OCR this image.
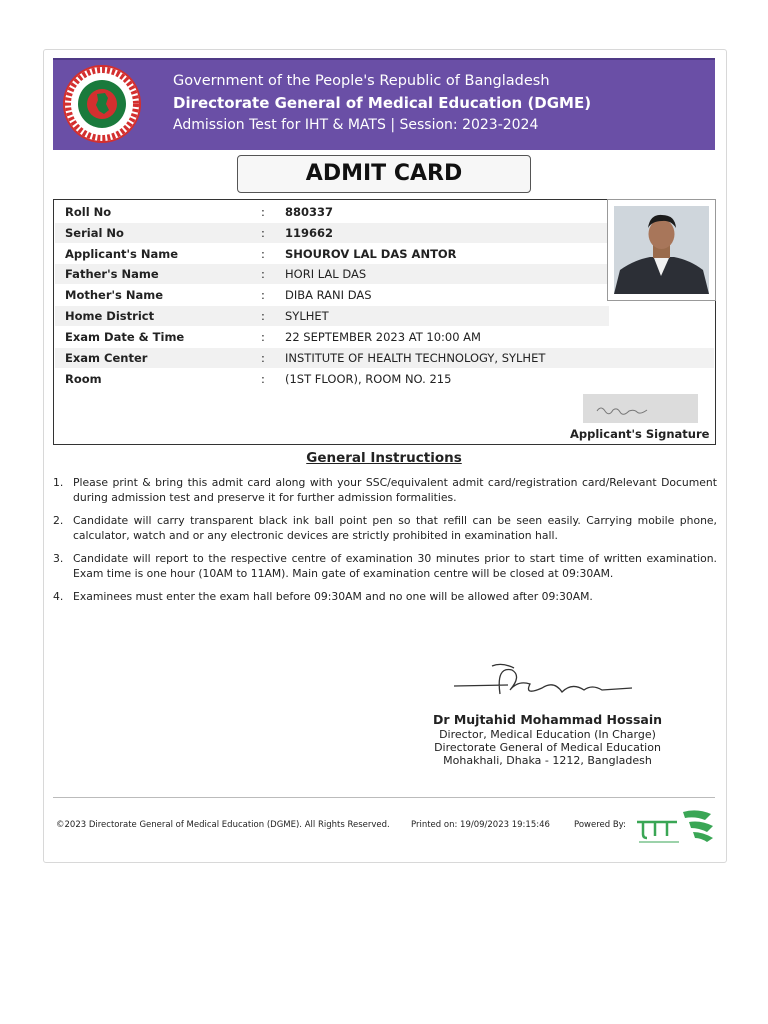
Government of the People's Republic of Bangladesh
Directorate General of Medical Education (DGME)
Admission Test for IHT & MATS | Session: 2023-2024
ADMIT CARD
Roll No	: 880337
Serial No	: 119662
Applicant's Name	: SHOUROV LAL DAS ANTOR
Father's Name	: HORI LAL DAS
Mother's Name	: DIBA RANI DAS
Home District	: SYLHET
Exam Date & Time	: 22 SEPTEMBER 2023 AT 10:00 AM
Exam Center	: INSTITUTE OF HEALTH TECHNOLOGY, SYLHET
Room	: (1ST FLOOR), ROOM NO. 215
Applicant's Signature
General Instructions
1. Please print & bring this admit card along with your SSC/equivalent admit card/registration card/Relevant Document during admission test and preserve it for further admission formalities.
2. Candidate will carry transparent black ink ball point pen so that refill can be seen easily. Carrying mobile phone, calculator, watch and or any electronic devices are strictly prohibited in examination hall.
3. Candidate will report to the respective centre of examination 30 minutes prior to start time of written examination. Exam time is one hour (10AM to 11AM). Main gate of examination centre will be closed at 09:30AM.
4. Examinees must enter the exam hall before 09:30AM and no one will be allowed after 09:30AM.
Dr Mujtahid Mohammad Hossain
Director, Medical Education (In Charge)
Directorate General of Medical Education
Mohakhali, Dhaka - 1212, Bangladesh
©2023 Directorate General of Medical Education (DGME). All Rights Reserved.	Printed on: 19/09/2023 19:15:46	Powered By:
